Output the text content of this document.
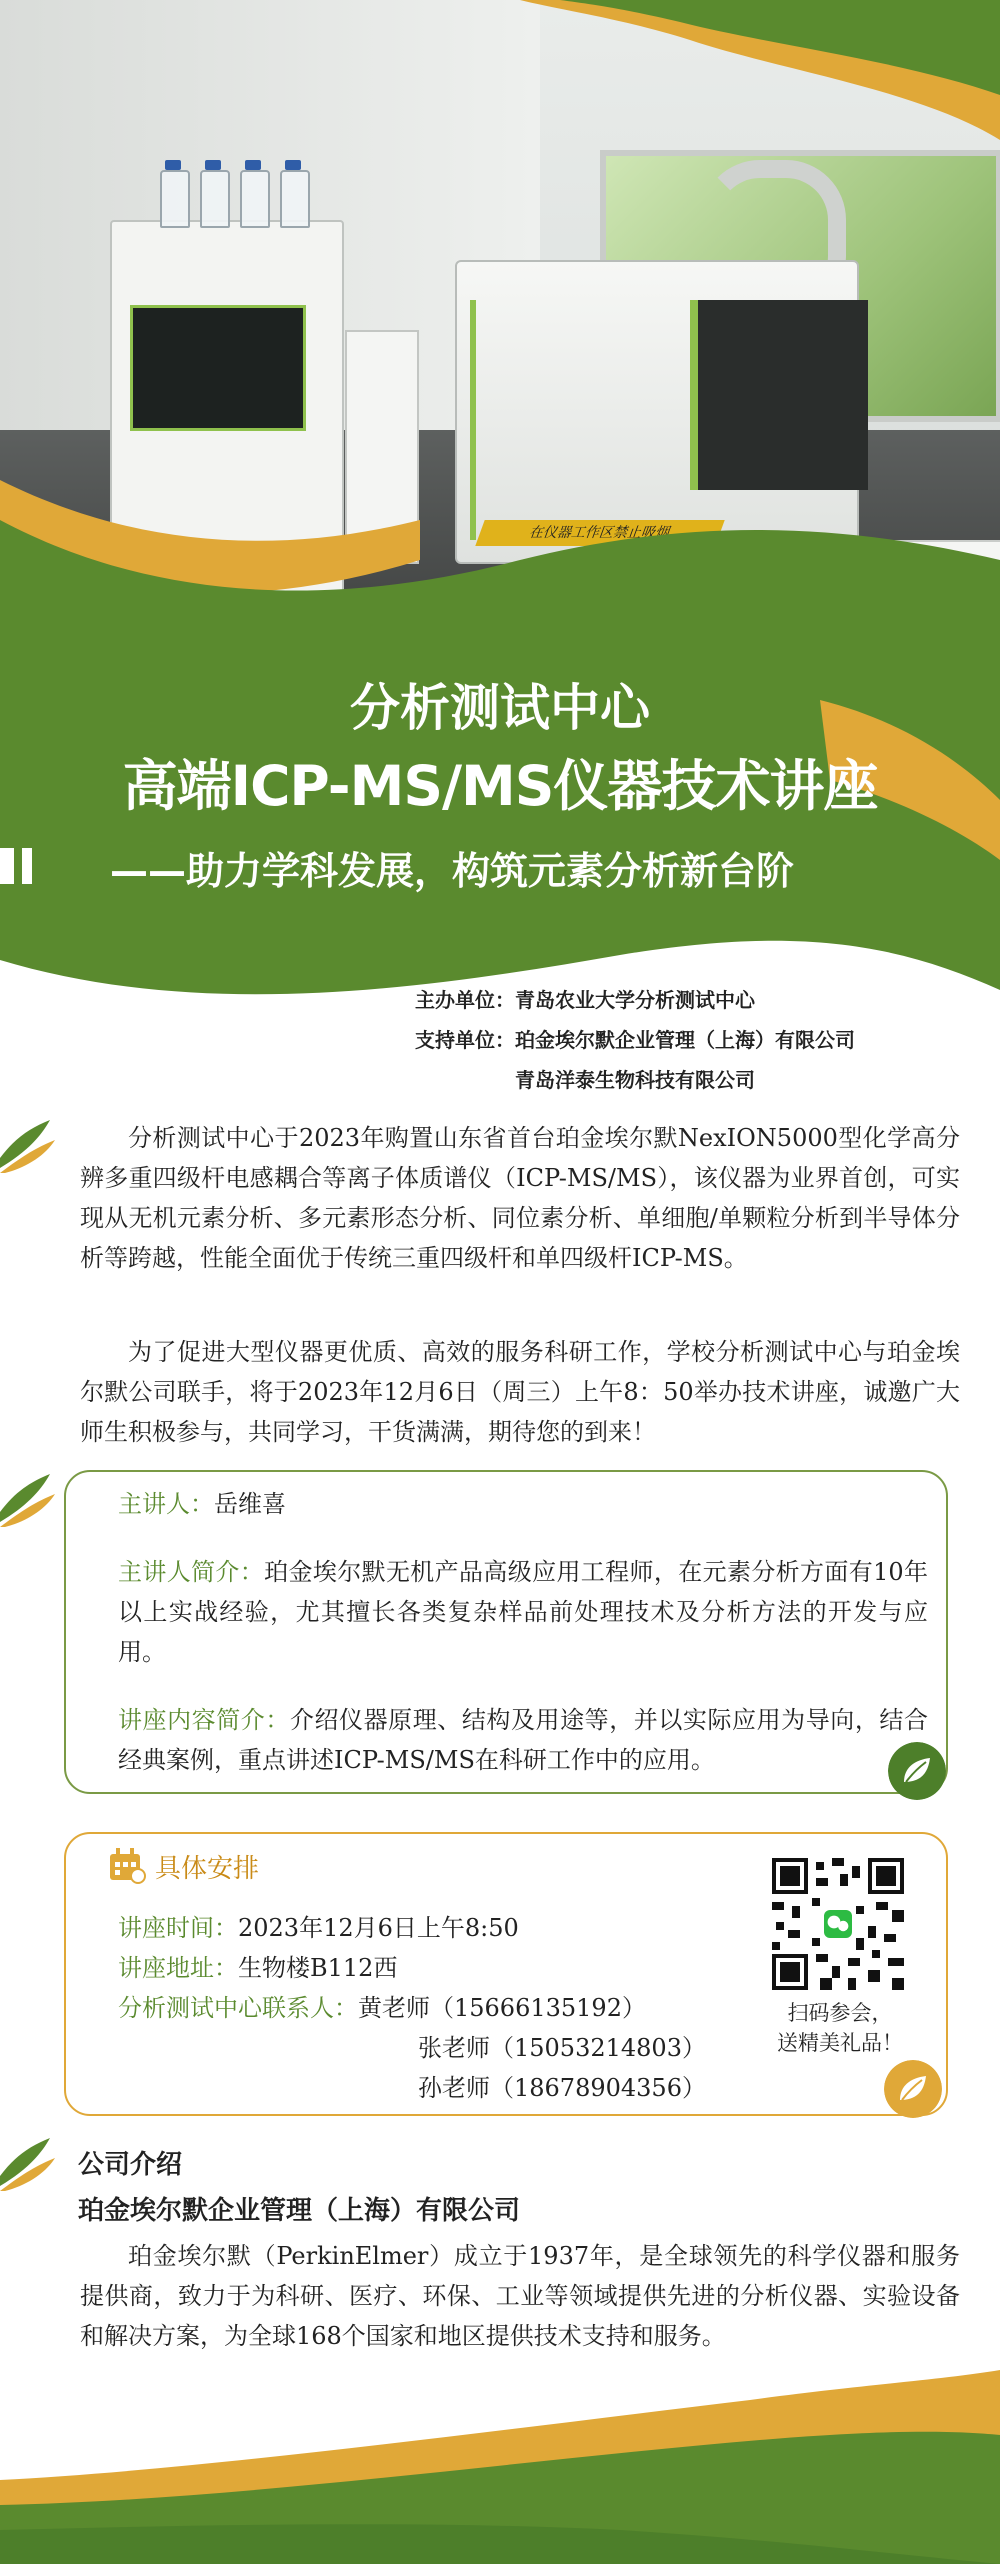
在仪器工作区禁止吸烟
分析测试中心
高端ICP-MS/MS仪器技术讲座
——助力学科发展，构筑元素分析新台阶
主办单位：青岛农业大学分析测试中心
支持单位：珀金埃尔默企业管理（上海）有限公司
青岛洋泰生物科技有限公司
分析测试中心于2023年购置山东省首台珀金埃尔默NexION5000型化学高分辨多重四级杆电感耦合等离子体质谱仪（ICP-MS/MS），该仪器为业界首创，可实现从无机元素分析、多元素形态分析、同位素分析、单细胞/单颗粒分析到半导体分析等跨越，性能全面优于传统三重四级杆和单四级杆ICP-MS。
为了促进大型仪器更优质、高效的服务科研工作，学校分析测试中心与珀金埃尔默公司联手，将于2023年12月6日（周三）上午8：50举办技术讲座，诚邀广大师生积极参与，共同学习，干货满满，期待您的到来！
主讲人：岳维喜
主讲人简介：珀金埃尔默无机产品高级应用工程师，在元素分析方面有10年以上实战经验，尤其擅长各类复杂样品前处理技术及分析方法的开发与应用。
讲座内容简介：介绍仪器原理、结构及用途等，并以实际应用为导向，结合经典案例，重点讲述ICP-MS/MS在科研工作中的应用。
具体安排
讲座时间：2023年12月6日上午8:50
讲座地址：生物楼B112西
分析测试中心联系人：黄老师（15666135192）
张老师（15053214803）
孙老师（18678904356）
扫码参会，
送精美礼品！
公司介绍
珀金埃尔默企业管理（上海）有限公司
珀金埃尔默（PerkinElmer）成立于1937年，是全球领先的科学仪器和服务提供商，致力于为科研、医疗、环保、工业等领域提供先进的分析仪器、实验设备和解决方案，为全球168个国家和地区提供技术支持和服务。
